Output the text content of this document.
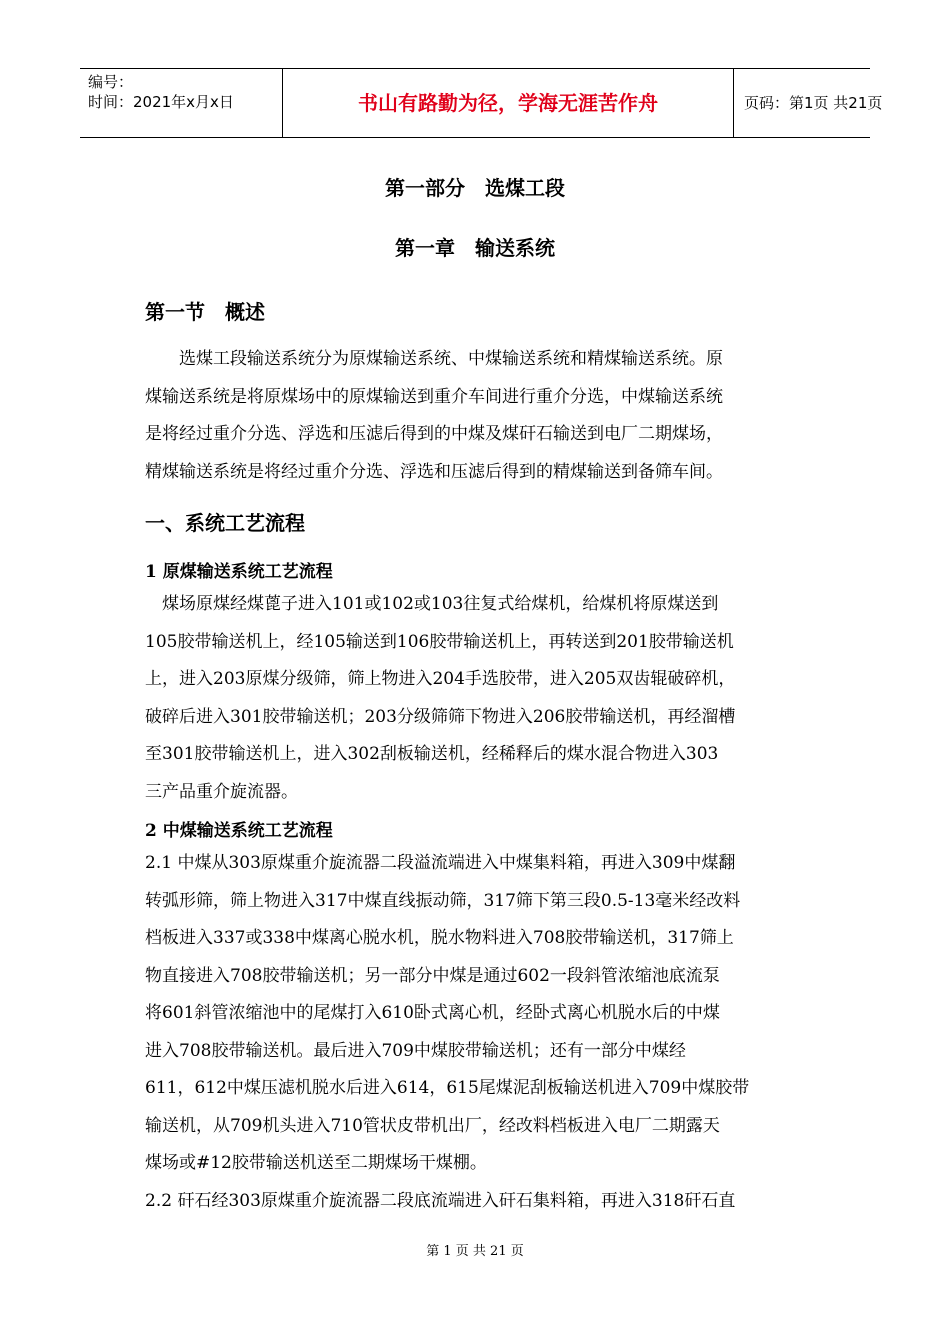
编号：
时间：2021年x月x日	书山有路勤为径，学海无涯苦作舟	页码：第1页 共21页
第一部分　选煤工段
第一章　输送系统
第一节　概述
　　选煤工段输送系统分为原煤输送系统、中煤输送系统和精煤输送系统。原
煤输送系统是将原煤场中的原煤输送到重介车间进行重介分选，中煤输送系统
是将经过重介分选、浮选和压滤后得到的中煤及煤矸石输送到电厂二期煤场，
精煤输送系统是将经过重介分选、浮选和压滤后得到的精煤输送到备筛车间。
一、系统工艺流程
1 原煤输送系统工艺流程
　煤场原煤经煤蓖子进入101或102或103往复式给煤机，给煤机将原煤送到
105胶带输送机上，经105输送到106胶带输送机上，再转送到201胶带输送机
上，进入203原煤分级筛，筛上物进入204手选胶带，进入205双齿辊破碎机，
破碎后进入301胶带输送机；203分级筛筛下物进入206胶带输送机，再经溜槽
至301胶带输送机上，进入302刮板输送机，经稀释后的煤水混合物进入303
三产品重介旋流器。
2 中煤输送系统工艺流程
2.1 中煤从303原煤重介旋流器二段溢流端进入中煤集料箱，再进入309中煤翻
转弧形筛，筛上物进入317中煤直线振动筛，317筛下第三段0.5-13毫米经改料
档板进入337或338中煤离心脱水机，脱水物料进入708胶带输送机，317筛上
物直接进入708胶带输送机；另一部分中煤是通过602一段斜管浓缩池底流泵
将601斜管浓缩池中的尾煤打入610卧式离心机，经卧式离心机脱水后的中煤
进入708胶带输送机。最后进入709中煤胶带输送机；还有一部分中煤经
611，612中煤压滤机脱水后进入614，615尾煤泥刮板输送机进入709中煤胶带
输送机，从709机头进入710管状皮带机出厂，经改料档板进入电厂二期露天
煤场或#12胶带输送机送至二期煤场干煤棚。
2.2 矸石经303原煤重介旋流器二段底流端进入矸石集料箱，再进入318矸石直
第 1 页 共 21 页
